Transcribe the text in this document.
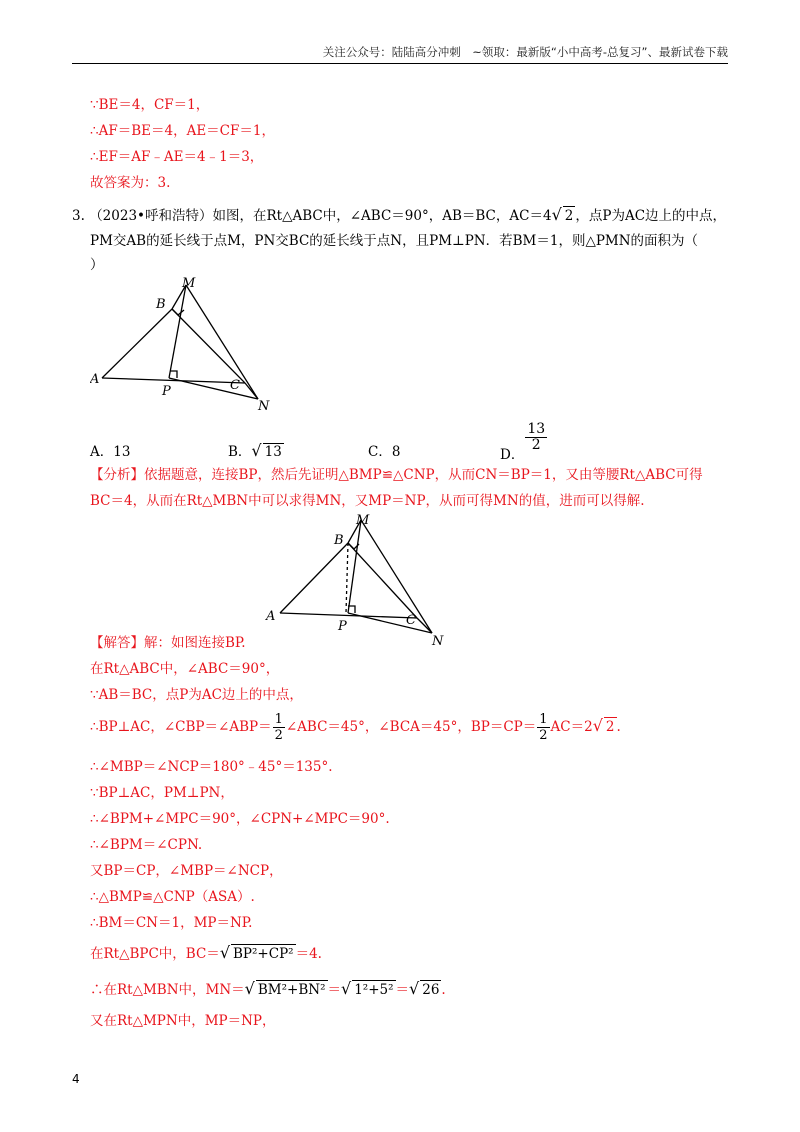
关注公众号：陆陆高分冲刺　~领取：最新版“小中高考-总复习”、最新试卷下载
∵BE＝4，CF＝1，
∴AF＝BE＝4，AE＝CF＝1，
∴EF＝AF﹣AE＝4﹣1＝3，
故答案为：3.
3. （2023•呼和浩特）如图，在Rt△ABC中，∠ABC＝90°，AB＝BC，AC＝4√ 2 ，点P为AC边上的中点，
PM交AB的延长线于点M，PN交BC的延长线于点N，且PM⊥PN．若BM＝1，则△PMN的面积为（
）
M
B
A
P	C
N
A．13	B．√ 13	C．8	D．
$\frac{13}{2}$
【分析】依据题意，连接BP，然后先证明△BMP≌△CNP，从而CN＝BP＝1，又由等腰Rt△ABC可得
BC＝4，从而在Rt△MBN中可以求得MN，又MP＝NP，从而可得MN的值，进而可以得解.
M
B
A
P	C
N
【解答】解：如图连接BP.
在Rt△ABC中，∠ABC＝90°，
∵AB＝BC，点P为AC边上的中点，
∴BP⊥AC，∠CBP＝∠ABP＝ $\frac{1}{2}$ ∠ABC＝45°，∠BCA＝45°，$BP=CP= \frac{1}{2} AC=2√$ 2 .
∴∠MBP＝∠NCP＝180°﹣45°＝135°.
∵BP⊥AC，PM⊥PN，
∴∠BPM+∠MPC＝90°，∠CPN+∠MPC＝90°.
∴∠BPM＝∠CPN.
又BP＝CP，∠MBP＝∠NCP，
∴△BMP≌△CNP（ASA）.
∴BM＝CN＝1，MP＝NP.
在Rt△BPC中，BC＝√ BP²+CP² ＝4.
∴在Rt△MBN中，MN＝√ BM²+BN² ＝√ 1²+5² ＝√ 26 .
又在Rt△MPN中，MP＝NP，
4
